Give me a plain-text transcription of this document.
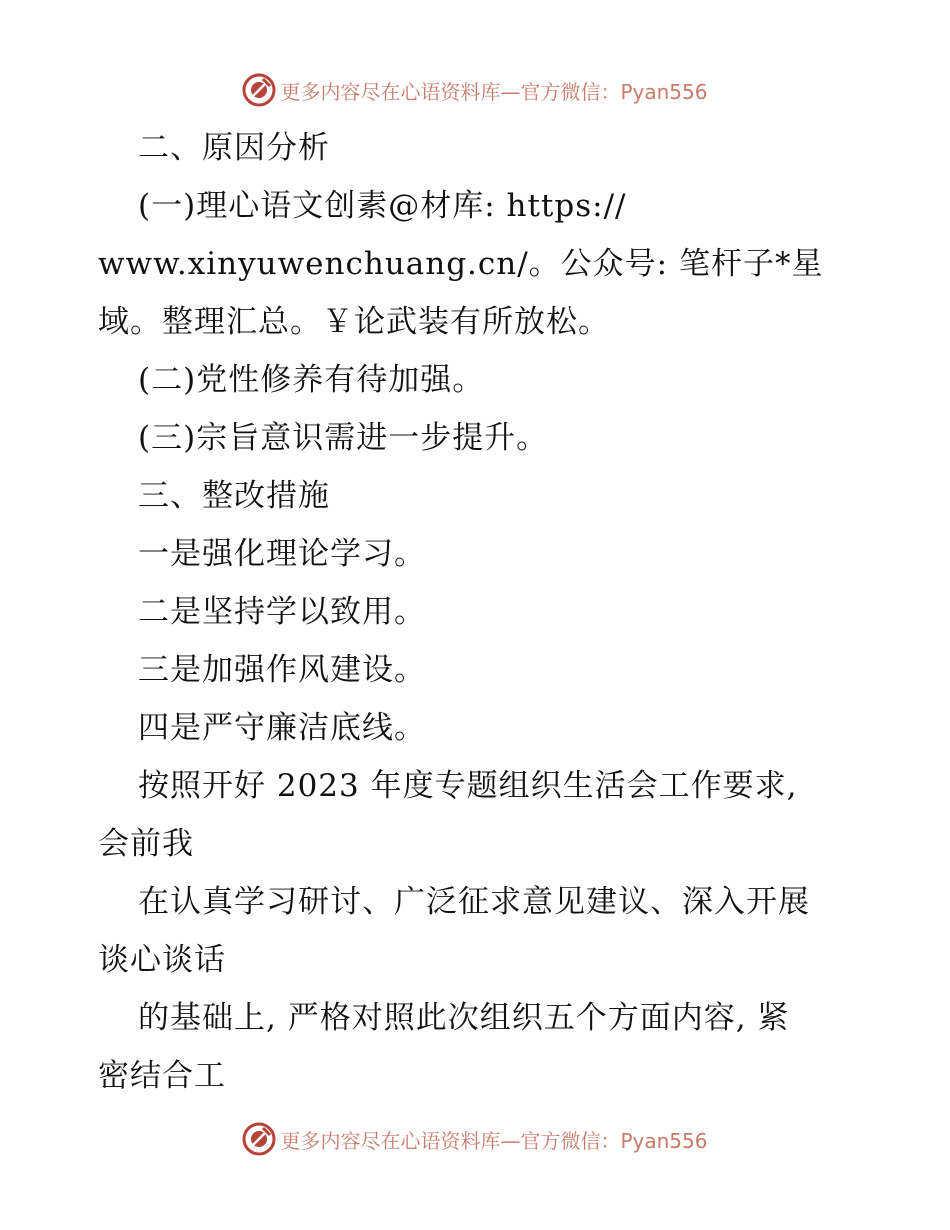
更多内容尽在心语资料库—官方微信：Pyan556
二、原因分析
(一)理心语文创素@材库: https://
www.xinyuwenchuang.cn/。公众号: 笔杆子*星
域。整理汇总。￥论武装有所放松。
(二)党性修养有待加强。
(三)宗旨意识需进一步提升。
三、整改措施
一是强化理论学习。
二是坚持学以致用。
三是加强作风建设。
四是严守廉洁底线。
按照开好 2023 年度专题组织生活会工作要求,
会前我
在认真学习研讨、广泛征求意见建议、深入开展
谈心谈话
的基础上, 严格对照此次组织五个方面内容, 紧
密结合工
更多内容尽在心语资料库—官方微信：Pyan556
